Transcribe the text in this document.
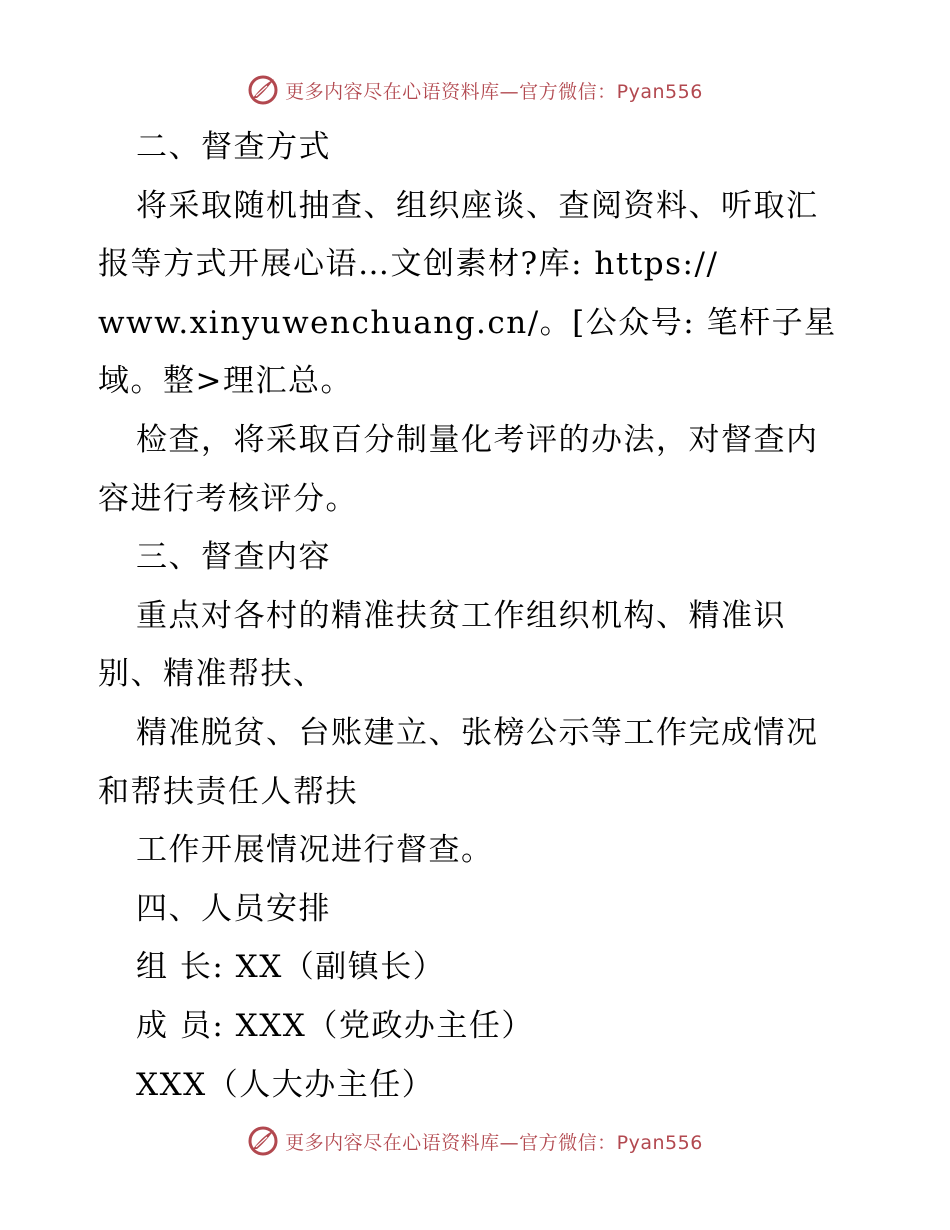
更多内容尽在心语资料库—官方微信：Pyan556
二、督查方式
将采取随机抽查、组织座谈、查阅资料、听取汇
报等方式开展心语…文创素材?库: https://
www.xinyuwenchuang.cn/。[公众号: 笔杆子星
域。整>理汇总。
检查，将采取百分制量化考评的办法，对督查内
容进行考核评分。
三、督查内容
重点对各村的精准扶贫工作组织机构、精准识
别、精准帮扶、
精准脱贫、台账建立、张榜公示等工作完成情况
和帮扶责任人帮扶
工作开展情况进行督查。
四、人员安排
组 长: XX（副镇长）
成 员: XXX（党政办主任）
XXX（人大办主任）
更多内容尽在心语资料库—官方微信：Pyan556
